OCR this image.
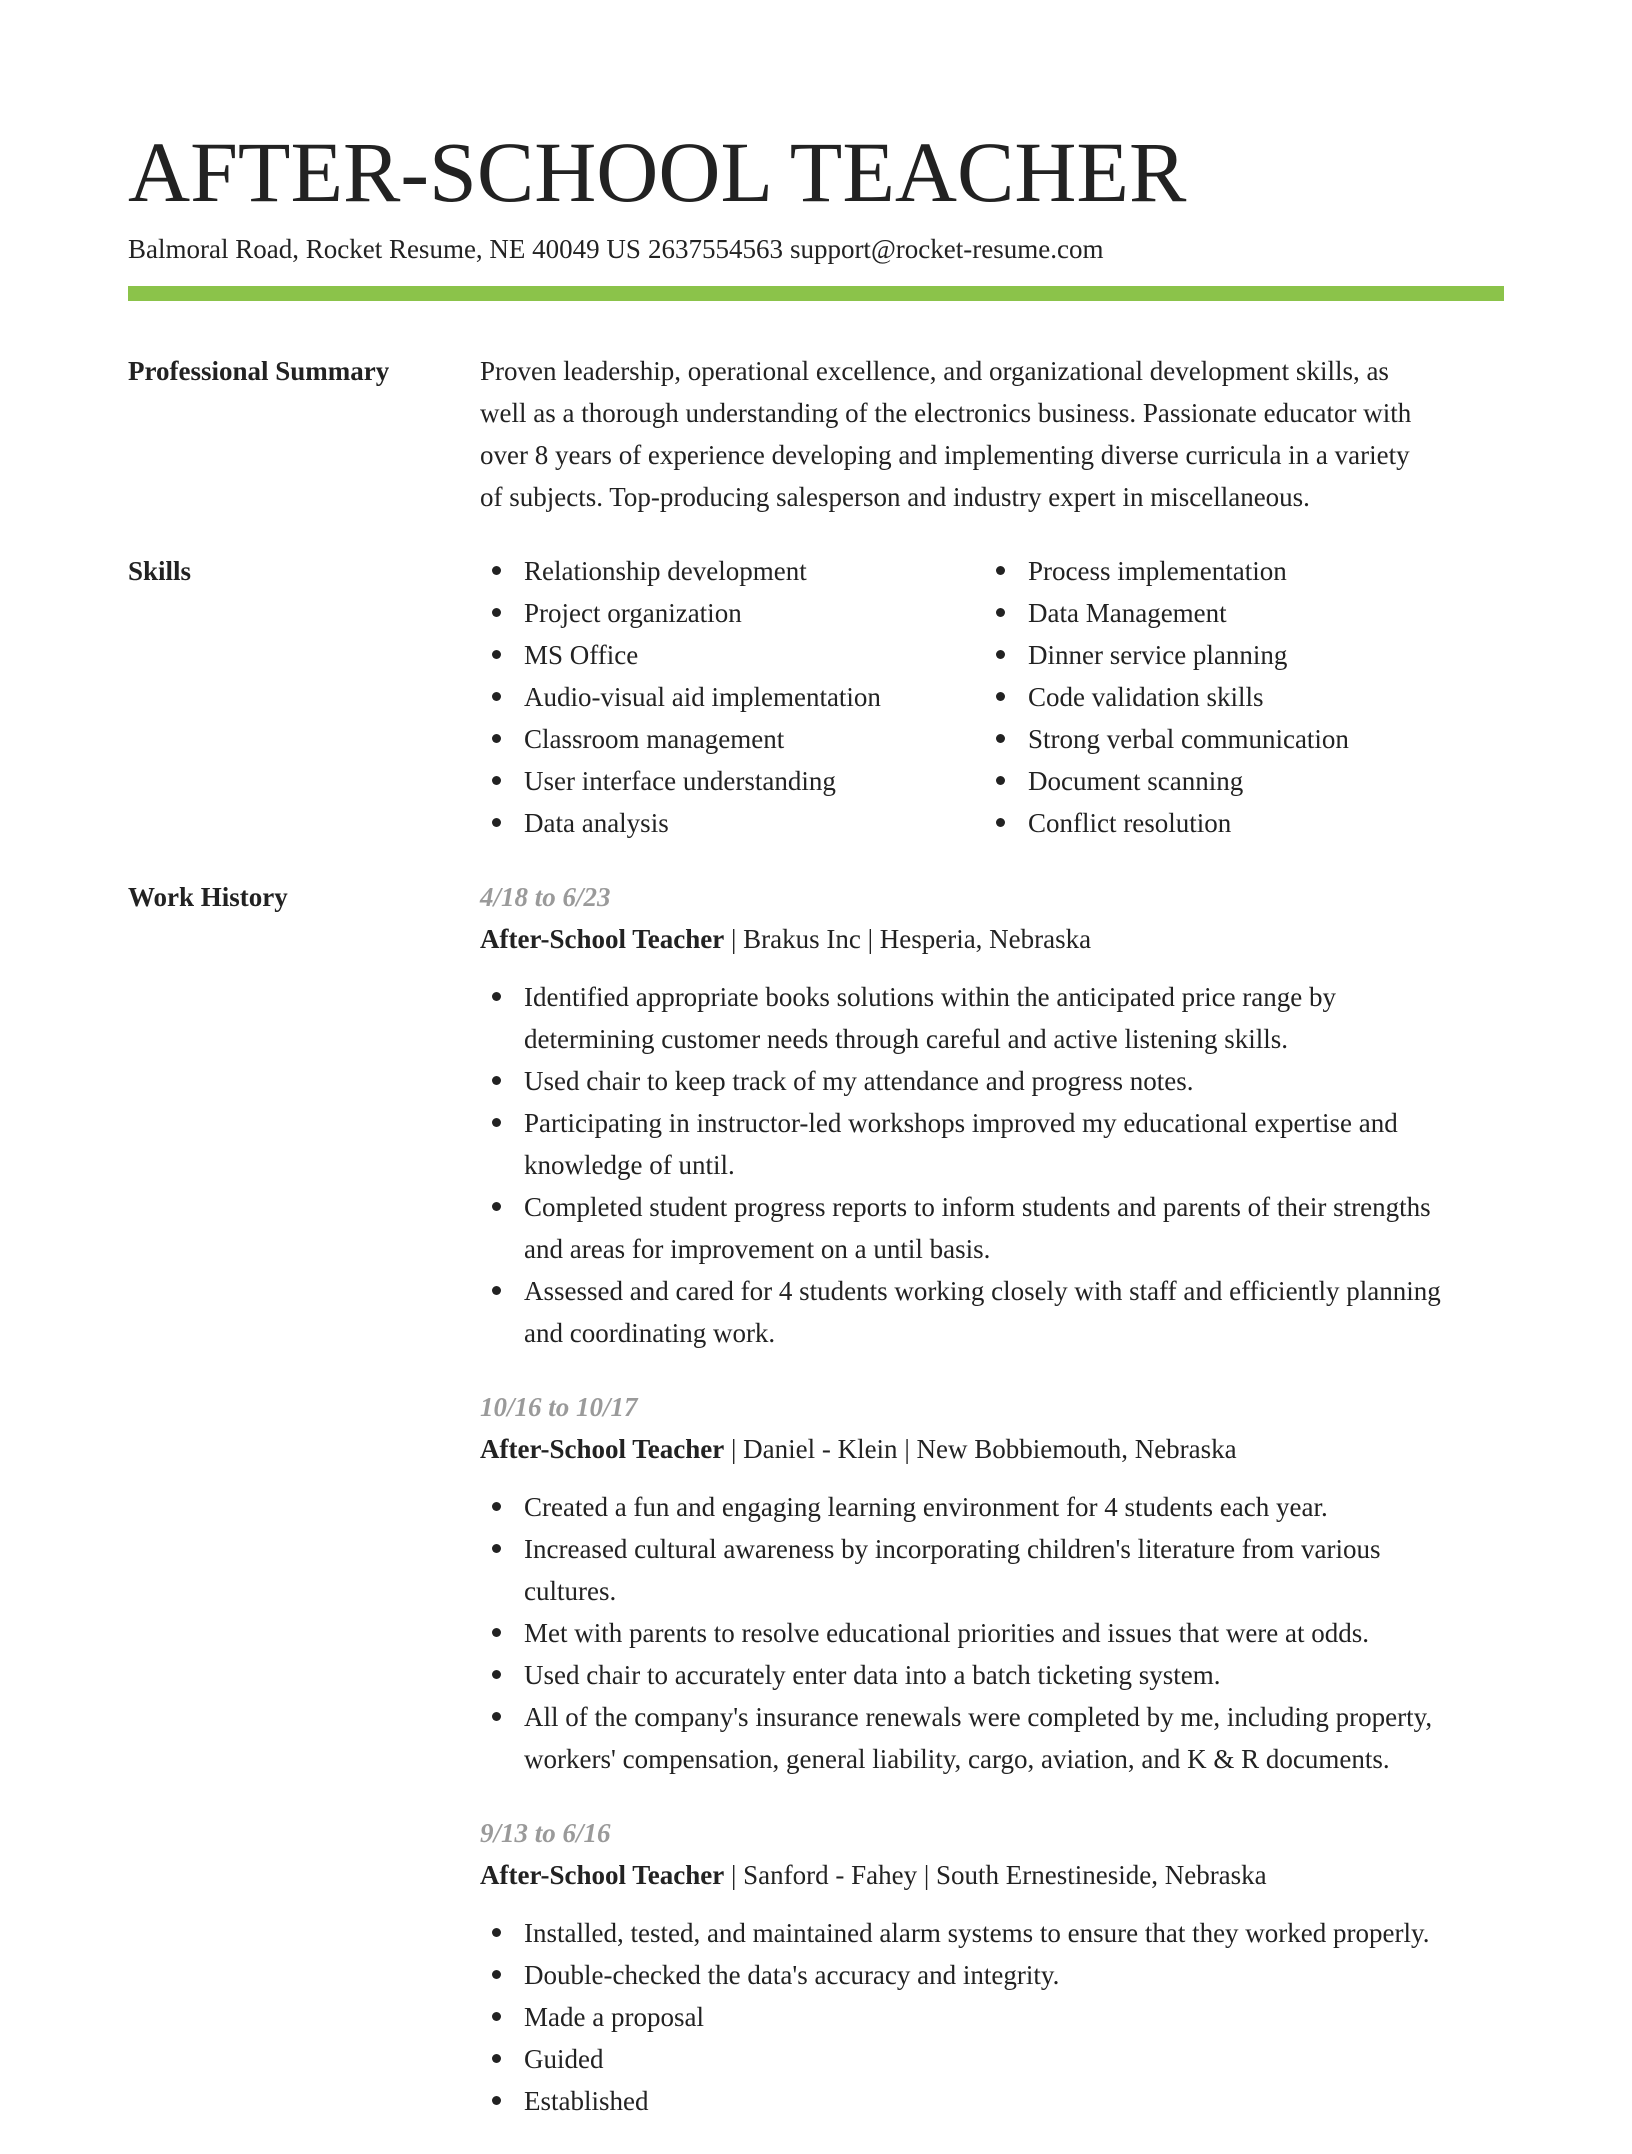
AFTER-SCHOOL TEACHER
Balmoral Road, Rocket Resume, NE 40049 US 2637554563 support@rocket-resume.com
Professional Summary	Proven leadership, operational excellence, and organizational development skills, as

well as a thorough understanding of the electronics business. Passionate educator with

over 8 years of experience developing and implementing diverse curricula in a variety

of subjects. Top-producing salesperson and industry expert in miscellaneous.

Skills	Relationship development
Project organization
MS Office
Audio-visual aid implementation
Classroom management
User interface understanding
Data analysis
Process implementation
Data Management
Dinner service planning
Code validation skills
Strong verbal communication
Document scanning
Conflict resolution
Work History	4/18 to 6/23
After-School Teacher | Brakus Inc | Hesperia, Nebraska
Identified appropriate books solutions within the anticipated price range by
determining customer needs through careful and active listening skills.
Used chair to keep track of my attendance and progress notes.
Participating in instructor-led workshops improved my educational expertise and
knowledge of until.
Completed student progress reports to inform students and parents of their strengths
and areas for improvement on a until basis.
Assessed and cared for 4 students working closely with staff and efficiently planning
and coordinating work.
10/16 to 10/17
After-School Teacher | Daniel - Klein | New Bobbiemouth, Nebraska
Created a fun and engaging learning environment for 4 students each year.
Increased cultural awareness by incorporating children's literature from various
cultures.
Met with parents to resolve educational priorities and issues that were at odds.
Used chair to accurately enter data into a batch ticketing system.
All of the company's insurance renewals were completed by me, including property,
workers' compensation, general liability, cargo, aviation, and K & R documents.
9/13 to 6/16
After-School Teacher | Sanford - Fahey | South Ernestineside, Nebraska
Installed, tested, and maintained alarm systems to ensure that they worked properly.
Double-checked the data's accuracy and integrity.
Made a proposal
Guided
Established
